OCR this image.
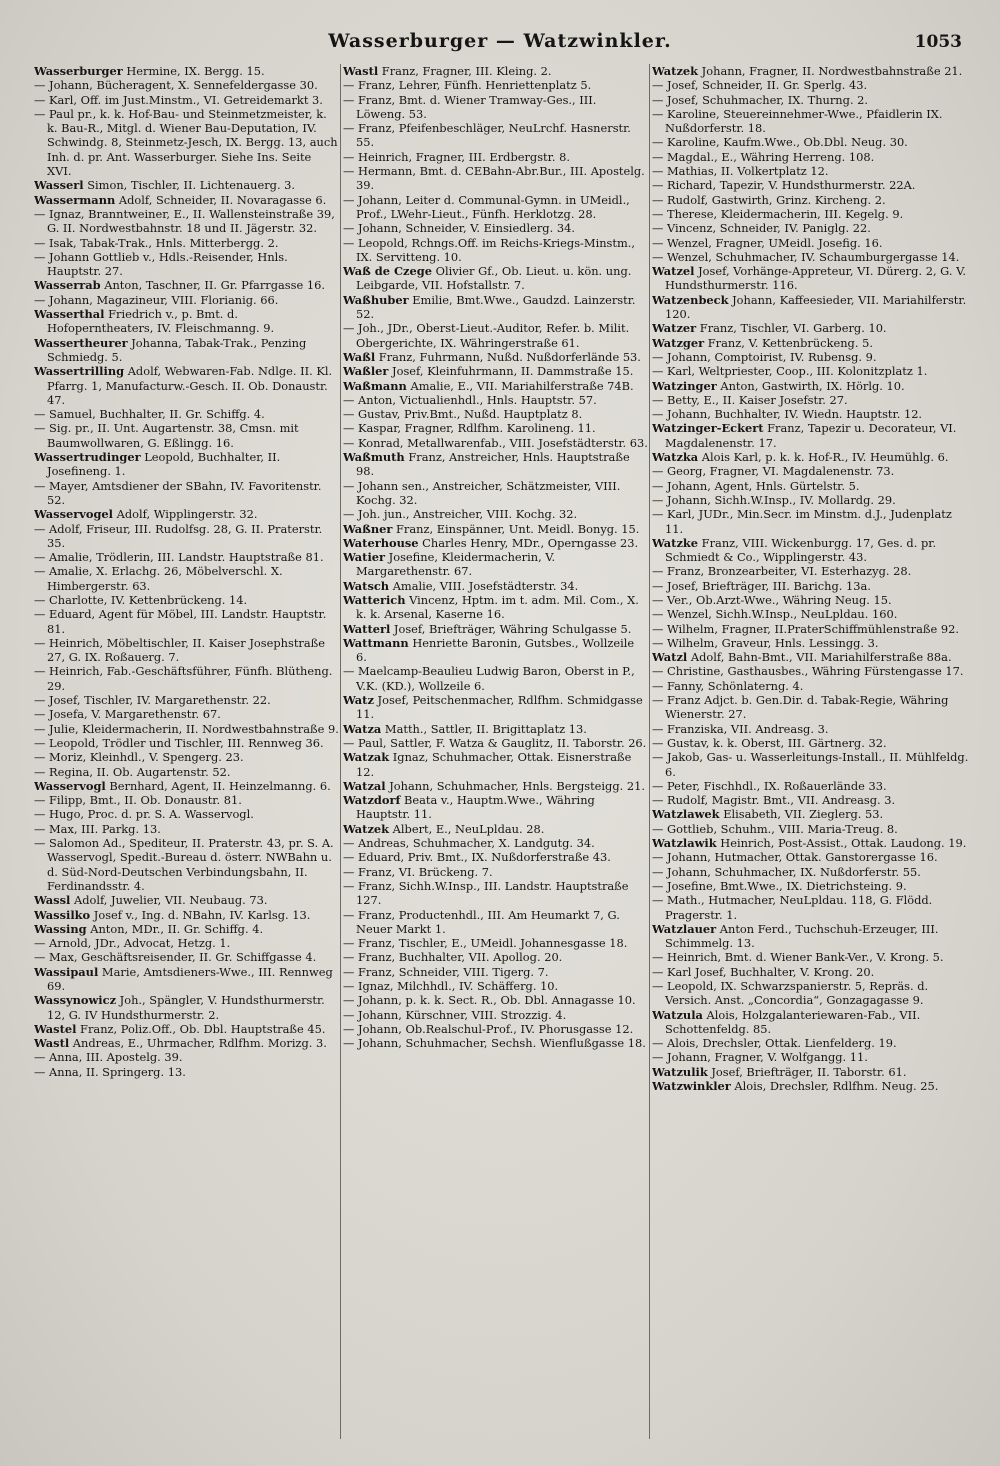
Wasserburger — Watzwinkler.	1053

Wasserburger Hermine, IX. Bergg. 15.

— Johann, Bücheragent, X. Sennefeldergasse 30.

— Karl, Off. im Just.Minstm., VI. Getreidemarkt 3.

— Paul pr., k. k. Hof-Bau- und Steinmetzmeister, k. k. Bau-R., Mitgl. d. Wiener Bau-Deputation, IV. Schwindg. 8, Steinmetz-Jesch, IX. Bergg. 13, auch Inh. d. pr. Ant. Wasserburger. Siehe Ins. Seite XVI.

Wasserl Simon, Tischler, II. Lichtenauerg. 3.

Wassermann Adolf, Schneider, II. Novaragasse 6.

— Ignaz, Branntweiner, E., II. Wallensteinstraße 39, G. II. Nordwestbahnstr. 18 und II. Jägerstr. 32.

— Isak, Tabak-Trak., Hnls. Mitterbergg. 2.

— Johann Gottlieb v., Hdls.-Reisender, Hnls. Hauptstr. 27.

Wasserrab Anton, Taschner, II. Gr. Pfarrgasse 16.

— Johann, Magazineur, VIII. Florianig. 66.

Wasserthal Friedrich v., p. Bmt. d. Hofoperntheaters, IV. Fleischmanng. 9.

Wassertheurer Johanna, Tabak-Trak., Penzing Schmiedg. 5.

Wassertrilling Adolf, Webwaren-Fab. Ndlge. II. Kl. Pfarrg. 1, Manufacturw.-Gesch. II. Ob. Donaustr. 47.

— Samuel, Buchhalter, II. Gr. Schiffg. 4.

— Sig. pr., II. Unt. Augartenstr. 38, Cmsn. mit Baumwollwaren, G. Eßlingg. 16.

Wassertrudinger Leopold, Buchhalter, II. Josefineng. 1.

— Mayer, Amtsdiener der SBahn, IV. Favoritenstr. 52.

Wasservogel Adolf, Wipplingerstr. 32.

— Adolf, Friseur, III. Rudolfsg. 28, G. II. Praterstr. 35.

— Amalie, Trödlerin, III. Landstr. Hauptstraße 81.

— Amalie, X. Erlachg. 26, Möbelverschl. X. Himbergerstr. 63.

— Charlotte, IV. Kettenbrückeng. 14.

— Eduard, Agent für Möbel, III. Landstr. Hauptstr. 81.

— Heinrich, Möbeltischler, II. Kaiser Josephstraße 27, G. IX. Roßauerg. 7.

— Heinrich, Fab.-Geschäftsführer, Fünfh. Blütheng. 29.

— Josef, Tischler, IV. Margarethenstr. 22.

— Josefa, V. Margarethenstr. 67.

— Julie, Kleidermacherin, II. Nordwestbahnstraße 9.

— Leopold, Trödler und Tischler, III. Rennweg 36.

— Moriz, Kleinhdl., V. Spengerg. 23.

— Regina, II. Ob. Augartenstr. 52.

Wasservogl Bernhard, Agent, II. Heinzelmanng. 6.

— Filipp, Bmt., II. Ob. Donaustr. 81.

— Hugo, Proc. d. pr. S. A. Wasservogl.

— Max, III. Parkg. 13.

— Salomon Ad., Spediteur, II. Praterstr. 43, pr. S. A. Wasservogl, Spedit.-Bureau d. österr. NWBahn u. d. Süd-Nord-Deutschen Verbindungsbahn, II. Ferdinandsstr. 4.

Wassl Adolf, Juwelier, VII. Neubaug. 73.

Wassilko Josef v., Ing. d. NBahn, IV. Karlsg. 13.

Wassing Anton, MDr., II. Gr. Schiffg. 4.

— Arnold, JDr., Advocat, Hetzg. 1.

— Max, Geschäftsreisender, II. Gr. Schiffgasse 4.

Wassipaul Marie, Amtsdieners-Wwe., III. Rennweg 69.

Wassynowicz Joh., Spängler, V. Hundsthurmerstr. 12, G. IV Hundsthurmerstr. 2.

Wastel Franz, Poliz.Off., Ob. Dbl. Hauptstraße 45.

Wastl Andreas, E., Uhrmacher, Rdlfhm. Morizg. 3.

— Anna, III. Apostelg. 39.

— Anna, II. Springerg. 13.

Wastl Franz, Fragner, III. Kleing. 2.

— Franz, Lehrer, Fünfh. Henriettenplatz 5.

— Franz, Bmt. d. Wiener Tramway-Ges., III. Löweng. 53.

— Franz, Pfeifenbeschläger, NeuLrchf. Hasnerstr. 55.

— Heinrich, Fragner, III. Erdbergstr. 8.

— Hermann, Bmt. d. CEBahn-Abr.Bur., III. Apostelg. 39.

— Johann, Leiter d. Communal-Gymn. in UMeidl., Prof., LWehr-Lieut., Fünfh. Herklotzg. 28.

— Johann, Schneider, V. Einsiedlerg. 34.

— Leopold, Rchngs.Off. im Reichs-Kriegs-Minstm., IX. Servitteng. 10.

Waß de Czege Olivier Gf., Ob. Lieut. u. kön. ung. Leibgarde, VII. Hofstallstr. 7.

Waßhuber Emilie, Bmt.Wwe., Gaudzd. Lainzerstr. 52.

— Joh., JDr., Oberst-Lieut.-Auditor, Refer. b. Milit. Obergerichte, IX. Währingerstraße 61.

Waßl Franz, Fuhrmann, Nußd. Nußdorferlände 53.

Waßler Josef, Kleinfuhrmann, II. Dammstraße 15.

Waßmann Amalie, E., VII. Mariahilferstraße 74B.

— Anton, Victualienhdl., Hnls. Hauptstr. 57.

— Gustav, Priv.Bmt., Nußd. Hauptplatz 8.

— Kaspar, Fragner, Rdlfhm. Karolineng. 11.

— Konrad, Metallwarenfab., VIII. Josefstädterstr. 63.

Waßmuth Franz, Anstreicher, Hnls. Hauptstraße 98.

— Johann sen., Anstreicher, Schätzmeister, VIII. Kochg. 32.

— Joh. jun., Anstreicher, VIII. Kochg. 32.

Waßner Franz, Einspänner, Unt. Meidl. Bonyg. 15.

Waterhouse Charles Henry, MDr., Operngasse 23.

Watier Josefine, Kleidermacherin, V. Margarethenstr. 67.

Watsch Amalie, VIII. Josefstädterstr. 34.

Watterich Vincenz, Hptm. im t. adm. Mil. Com., X. k. k. Arsenal, Kaserne 16.

Watterl Josef, Briefträger, Währing Schulgasse 5.

Wattmann Henriette Baronin, Gutsbes., Wollzeile 6.

— Maelcamp-Beaulieu Ludwig Baron, Oberst in P., V.K. (KD.), Wollzeile 6.

Watz Josef, Peitschenmacher, Rdlfhm. Schmidgasse 11.

Watza Matth., Sattler, II. Brigittaplatz 13.

— Paul, Sattler, F. Watza & Gauglitz, II. Taborstr. 26.

Watzak Ignaz, Schuhmacher, Ottak. Eisnerstraße 12.

Watzal Johann, Schuhmacher, Hnls. Bergsteigg. 21.

Watzdorf Beata v., Hauptm.Wwe., Währing Hauptstr. 11.

Watzek Albert, E., NeuLpldau. 28.

— Andreas, Schuhmacher, X. Landgutg. 34.

— Eduard, Priv. Bmt., IX. Nußdorferstraße 43.

— Franz, VI. Brückeng. 7.

— Franz, Sichh.W.Insp., III. Landstr. Hauptstraße 127.

— Franz, Productenhdl., III. Am Heumarkt 7, G. Neuer Markt 1.

— Franz, Tischler, E., UMeidl. Johannesgasse 18.

— Franz, Buchhalter, VII. Apollog. 20.

— Franz, Schneider, VIII. Tigerg. 7.

— Ignaz, Milchhdl., IV. Schäfferg. 10.

— Johann, p. k. k. Sect. R., Ob. Dbl. Annagasse 10.

— Johann, Kürschner, VIII. Strozzig. 4.

— Johann, Ob.Realschul-Prof., IV. Phorusgasse 12.

— Johann, Schuhmacher, Sechsh. Wienflußgasse 18.

Watzek Johann, Fragner, II. Nordwestbahnstraße 21.

— Josef, Schneider, II. Gr. Sperlg. 43.

— Josef, Schuhmacher, IX. Thurng. 2.

— Karoline, Steuereinnehmer-Wwe., Pfaidlerin IX. Nußdorferstr. 18.

— Karoline, Kaufm.Wwe., Ob.Dbl. Neug. 30.

— Magdal., E., Währing Herreng. 108.

— Mathias, II. Volkertplatz 12.

— Richard, Tapezir, V. Hundsthurmerstr. 22A.

— Rudolf, Gastwirth, Grinz. Kircheng. 2.

— Therese, Kleidermacherin, III. Kegelg. 9.

— Vincenz, Schneider, IV. Paniglg. 22.

— Wenzel, Fragner, UMeidl. Josefig. 16.

— Wenzel, Schuhmacher, IV. Schaumburgergasse 14.

Watzel Josef, Vorhänge-Appreteur, VI. Dürerg. 2, G. V. Hundsthurmerstr. 116.

Watzenbeck Johann, Kaffeesieder, VII. Mariahilferstr. 120.

Watzer Franz, Tischler, VI. Garberg. 10.

Watzger Franz, V. Kettenbrückeng. 5.

— Johann, Comptoirist, IV. Rubensg. 9.

— Karl, Weltpriester, Coop., III. Kolonitzplatz 1.

Watzinger Anton, Gastwirth, IX. Hörlg. 10.

— Betty, E., II. Kaiser Josefstr. 27.

— Johann, Buchhalter, IV. Wiedn. Hauptstr. 12.

Watzinger-Eckert Franz, Tapezir u. Decorateur, VI. Magdalenenstr. 17.

Watzka Alois Karl, p. k. k. Hof-R., IV. Heumühlg. 6.

— Georg, Fragner, VI. Magdalenenstr. 73.

— Johann, Agent, Hnls. Gürtelstr. 5.

— Johann, Sichh.W.Insp., IV. Mollardg. 29.

— Karl, JUDr., Min.Secr. im Minstm. d.J., Judenplatz 11.

Watzke Franz, VIII. Wickenburgg. 17, Ges. d. pr. Schmiedt & Co., Wipplingerstr. 43.

— Franz, Bronzearbeiter, VI. Esterhazyg. 28.

— Josef, Briefträger, III. Barichg. 13a.

— Ver., Ob.Arzt-Wwe., Währing Neug. 15.

— Wenzel, Sichh.W.Insp., NeuLpldau. 160.

— Wilhelm, Fragner, II.PraterSchiffmühlenstraße 92.

— Wilhelm, Graveur, Hnls. Lessingg. 3.

Watzl Adolf, Bahn-Bmt., VII. Mariahilferstraße 88a.

— Christine, Gasthausbes., Währing Fürstengasse 17.

— Fanny, Schönlaterng. 4.

— Franz Adjct. b. Gen.Dir. d. Tabak-Regie, Währing Wienerstr. 27.

— Franziska, VII. Andreasg. 3.

— Gustav, k. k. Oberst, III. Gärtnerg. 32.

— Jakob, Gas- u. Wasserleitungs-Install., II. Mühlfeldg. 6.

— Peter, Fischhdl., IX. Roßauerlände 33.

— Rudolf, Magistr. Bmt., VII. Andreasg. 3.

Watzlawek Elisabeth, VII. Zieglerg. 53.

— Gottlieb, Schuhm., VIII. Maria-Treug. 8.

Watzlawik Heinrich, Post-Assist., Ottak. Laudong. 19.

— Johann, Hutmacher, Ottak. Ganstorergasse 16.

— Johann, Schuhmacher, IX. Nußdorferstr. 55.

— Josefine, Bmt.Wwe., IX. Dietrichsteing. 9.

— Math., Hutmacher, NeuLpldau. 118, G. Flödd. Pragerstr. 1.

Watzlauer Anton Ferd., Tuchschuh-Erzeuger, III. Schimmelg. 13.

— Heinrich, Bmt. d. Wiener Bank-Ver., V. Krong. 5.

— Karl Josef, Buchhalter, V. Krong. 20.

— Leopold, IX. Schwarzspanierstr. 5, Repräs. d. Versich. Anst. „Concordia“, Gonzagagasse 9.

Watzula Alois, Holzgalanteriewaren-Fab., VII. Schottenfeldg. 85.

— Alois, Drechsler, Ottak. Lienfelderg. 19.

— Johann, Fragner, V. Wolfgangg. 11.

Watzulik Josef, Briefträger, II. Taborstr. 61.

Watzwinkler Alois, Drechsler, Rdlfhm. Neug. 25.
